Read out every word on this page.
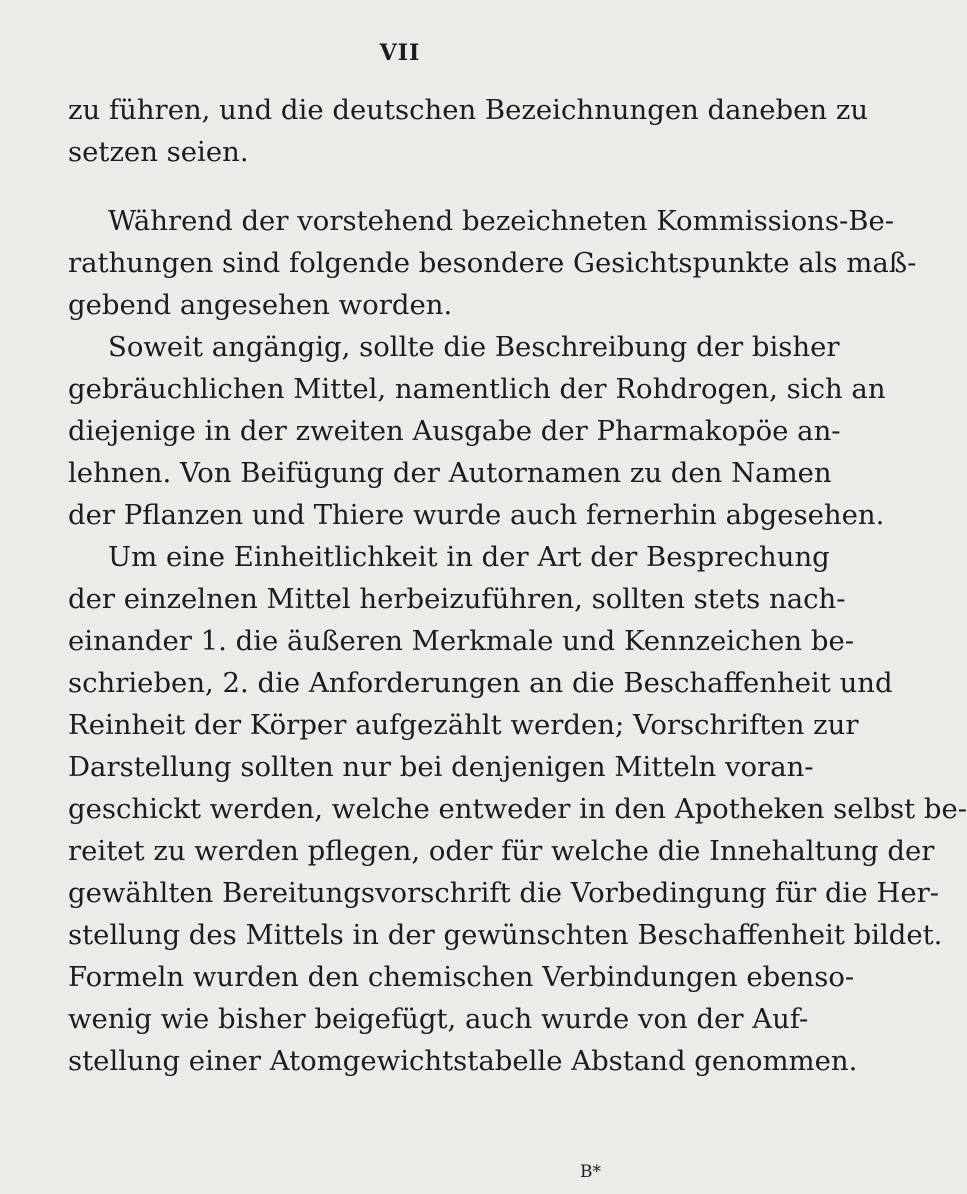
VII
zu führen, und die deutschen Bezeichnungen daneben zu
setzen seien.
Während der vorstehend bezeichneten Kommissions-Be-
rathungen sind folgende besondere Gesichtspunkte als maß-
gebend angesehen worden.
Soweit angängig, sollte die Beschreibung der bisher
gebräuchlichen Mittel, namentlich der Rohdrogen, sich an
diejenige in der zweiten Ausgabe der Pharmakopöe an-
lehnen. Von Beifügung der Autornamen zu den Namen
der Pflanzen und Thiere wurde auch fernerhin abgesehen.
Um eine Einheitlichkeit in der Art der Besprechung
der einzelnen Mittel herbeizuführen, sollten stets nach-
einander 1. die äußeren Merkmale und Kennzeichen be-
schrieben, 2. die Anforderungen an die Beschaffenheit und
Reinheit der Körper aufgezählt werden; Vorschriften zur
Darstellung sollten nur bei denjenigen Mitteln voran-
geschickt werden, welche entweder in den Apotheken selbst be-
reitet zu werden pflegen, oder für welche die Innehaltung der
gewählten Bereitungsvorschrift die Vorbedingung für die Her-
stellung des Mittels in der gewünschten Beschaffenheit bildet.
Formeln wurden den chemischen Verbindungen ebenso-
wenig wie bisher beigefügt, auch wurde von der Auf-
stellung einer Atomgewichtstabelle Abstand genommen.
B*
